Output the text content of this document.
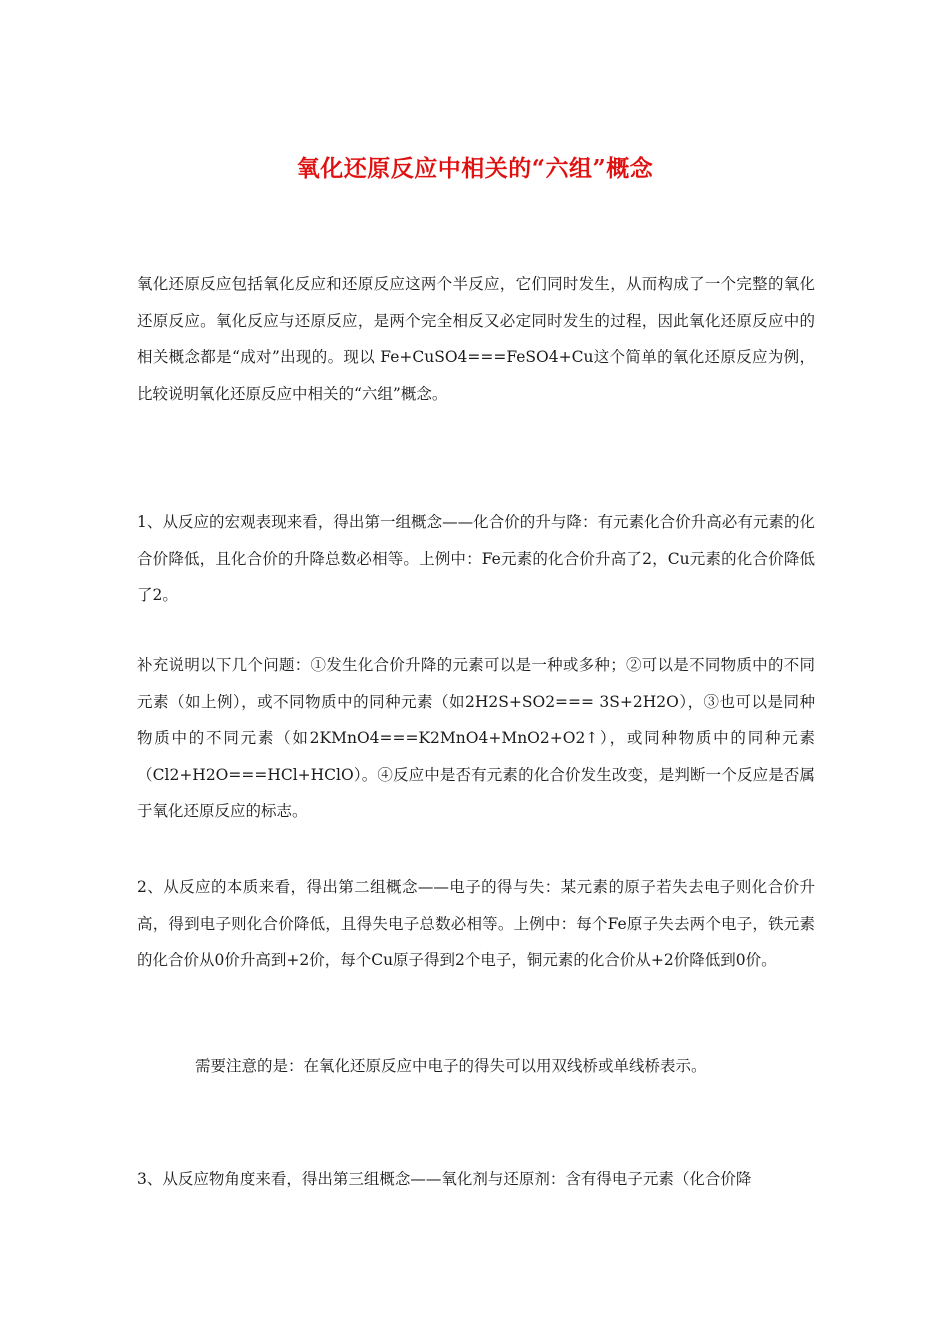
氧化还原反应中相关的“六组”概念

氧化还原反应包括氧化反应和还原反应这两个半反应，它们同时发生，从而构成了一个完整的氧化还原反应。氧化反应与还原反应，是两个完全相反又必定同时发生的过程，因此氧化还原反应中的相关概念都是“成对”出现的。现以 Fe+CuSO4===FeSO4+Cu这个简单的氧化还原反应为例，比较说明氧化还原反应中相关的“六组”概念。

1、从反应的宏观表现来看，得出第一组概念——化合价的升与降：有元素化合价升高必有元素的化合价降低，且化合价的升降总数必相等。上例中：Fe元素的化合价升高了2，Cu元素的化合价降低了2。

补充说明以下几个问题：①发生化合价升降的元素可以是一种或多种；②可以是不同物质中的不同元素（如上例），或不同物质中的同种元素（如2H2S+SO2=== 3S+2H2O），③也可以是同种物质中的不同元素（如2KMnO4===K2MnO4+MnO2+O2↑），或同种物质中的同种元素（Cl2+H2O===HCl+HClO）。④反应中是否有元素的化合价发生改变，是判断一个反应是否属于氧化还原反应的标志。

2、从反应的本质来看，得出第二组概念——电子的得与失：某元素的原子若失去电子则化合价升高，得到电子则化合价降低，且得失电子总数必相等。上例中：每个Fe原子失去两个电子，铁元素的化合价从0价升高到+2价，每个Cu原子得到2个电子，铜元素的化合价从+2价降低到0价。

需要注意的是：在氧化还原反应中电子的得失可以用双线桥或单线桥表示。

3、从反应物角度来看，得出第三组概念——氧化剂与还原剂：含有得电子元素（化合价降
